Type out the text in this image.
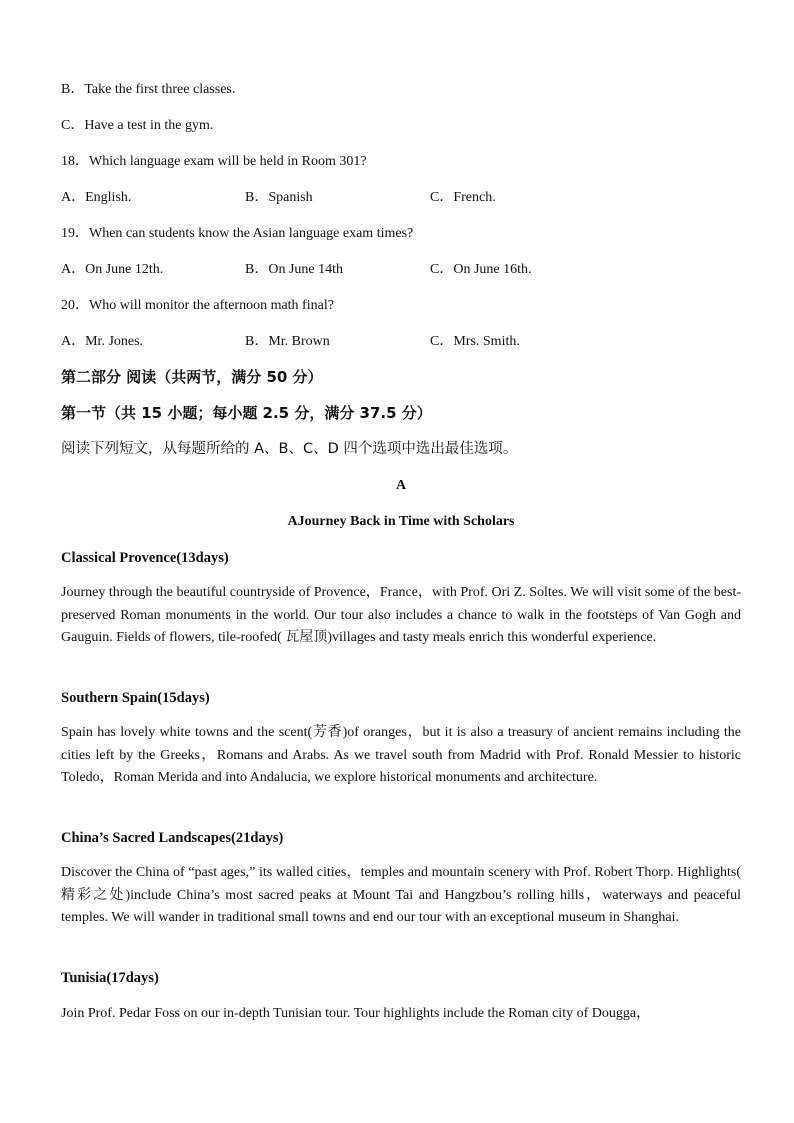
B．Take the first three classes.
C．Have a test in the gym.
18．Which language exam will be held in Room 301?
A．English.	B．Spanish	C．French.
19．When can students know the Asian language exam times?
A．On June 12th.	B．On June 14th	C．On June 16th.
20．Who will monitor the afternoon math final?
A．Mr. Jones.	B．Mr. Brown	C．Mrs. Smith.
第二部分 阅读（共两节，满分 50 分）
第一节（共 15 小题；每小题 2.5 分，满分 37.5 分）
阅读下列短文，从每题所给的 A、B、C、D 四个选项中选出最佳选项。
A
AJourney Back in Time with Scholars
Classical Provence(13days)
Journey through the beautiful countryside of Provence，France，with Prof. Ori Z. Soltes. We will visit some of the best-preserved Roman monuments in the world. Our tour also includes a chance to walk in the footsteps of Van Gogh and Gauguin. Fields of flowers, tile-roofed( 瓦屋顶)villages and tasty meals enrich this wonderful experience.
Southern Spain(15days)
Spain has lovely white towns and the scent(芳香)of oranges，but it is also a treasury of ancient remains including the cities left by the Greeks，Romans and Arabs. As we travel south from Madrid with Prof. Ronald Messier to historic Toledo，Roman Merida and into Andalucia, we explore historical monuments and architecture.
China’s Sacred Landscapes(21days)
Discover the China of “past ages,” its walled cities，temples and mountain scenery with Prof. Robert Thorp. Highlights( 精彩之处)include China’s most sacred peaks at Mount Tai and Hangzbou’s rolling hills，waterways and peaceful temples. We will wander in traditional small towns and end our tour with an exceptional museum in Shanghai.
Tunisia(17days)
Join Prof. Pedar Foss on our in-depth Tunisian tour. Tour highlights include the Roman city of Dougga，
